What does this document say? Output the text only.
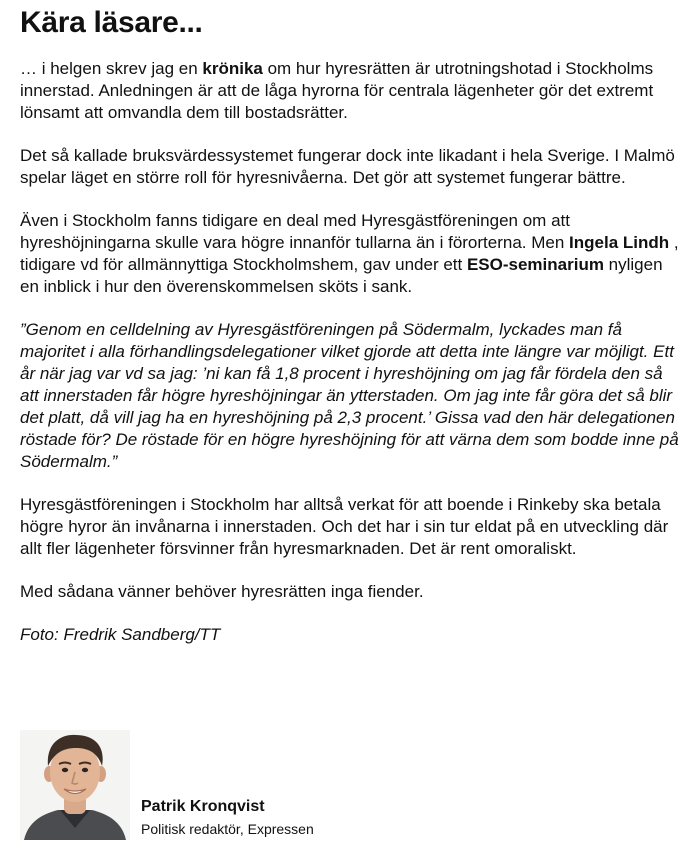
Kära läsare...

… i helgen skrev jag en krönika om hur hyresrätten är utrotningshotad i Stockholms innerstad. Anledningen är att de låga hyrorna för centrala lägenheter gör det extremt lönsamt att omvandla dem till bostadsrätter.

Det så kallade bruksvärdessystemet fungerar dock inte likadant i hela Sverige. I Malmö spelar läget en större roll för hyresnivåerna. Det gör att systemet fungerar bättre.

Även i Stockholm fanns tidigare en deal med Hyresgästföreningen om att hyreshöjningarna skulle vara högre innanför tullarna än i förorterna. Men Ingela Lindh , tidigare vd för allmännyttiga Stockholmshem, gav under ett ESO-seminarium nyligen en inblick i hur den överenskommelsen sköts i sank.

”Genom en celldelning av Hyresgästföreningen på Södermalm, lyckades man få majoritet i alla förhandlingsdelegationer vilket gjorde att detta inte längre var möjligt. Ett år när jag var vd sa jag: ’ni kan få 1,8 procent i hyreshöjning om jag får fördela den så att innerstaden får högre hyreshöjningar än ytterstaden. Om jag inte får göra det så blir det platt, då vill jag ha en hyreshöjning på 2,3 procent.’ Gissa vad den här delegationen röstade för? De röstade för en högre hyreshöjning för att värna dem som bodde inne på Södermalm.”

Hyresgästföreningen i Stockholm har alltså verkat för att boende i Rinkeby ska betala högre hyror än invånarna i innerstaden. Och det har i sin tur eldat på en utveckling där allt fler lägenheter försvinner från hyresmarknaden. Det är rent omoraliskt.

Med sådana vänner behöver hyresrätten inga fiender.

Foto: Fredrik Sandberg/TT

Patrik Kronqvist
Politisk redaktör, Expressen
